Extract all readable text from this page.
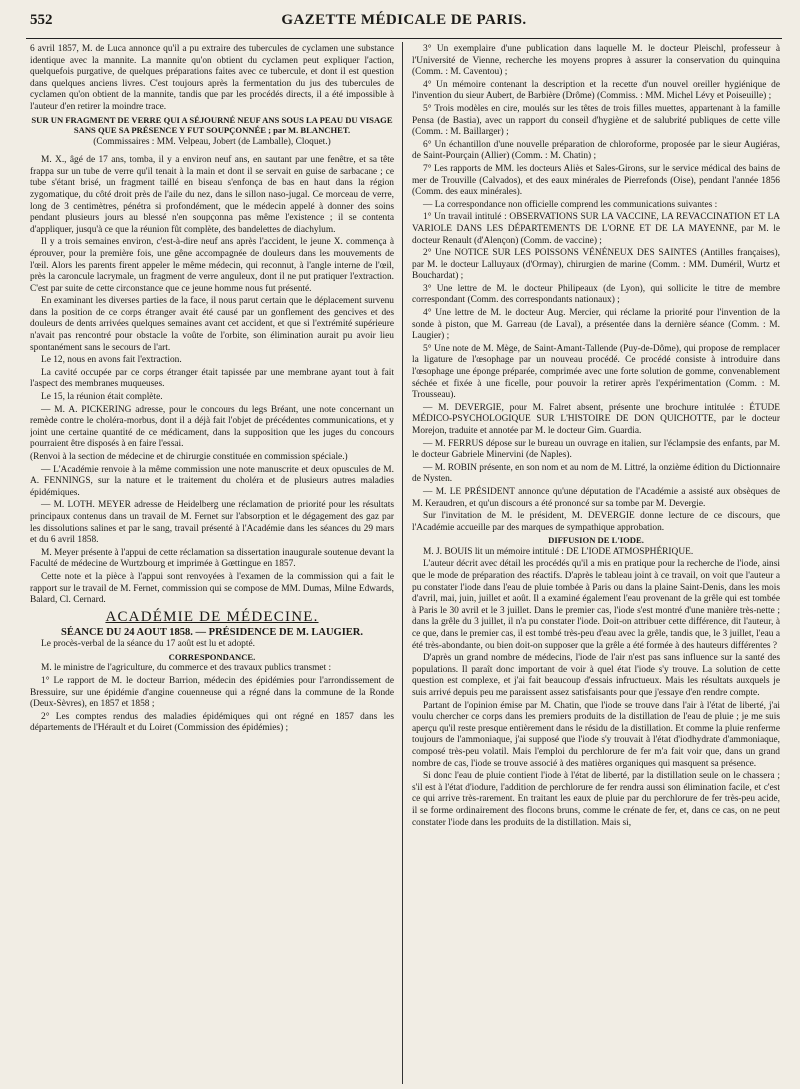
552	GAZETTE MÉDICALE DE PARIS.

6 avril 1857, M. de Luca annonce qu'il a pu extraire des tubercules de cyclamen une substance identique avec la mannite. La mannite qu'on obtient du cyclamen peut expliquer l'action, quelquefois purgative, de quelques préparations faites avec ce tubercule, et dont il est question dans quelques anciens livres. C'est toujours après la fermentation du jus des tubercules de cyclamen qu'on obtient de la mannite, tandis que par les procédés directs, il a été impossible à l'auteur d'en retirer la moindre trace.

SUR UN FRAGMENT DE VERRE QUI A SÉJOURNÉ NEUF ANS SOUS LA PEAU DU VISAGE SANS QUE SA PRÉSENCE Y FUT SOUPÇONNÉE ; par M. BLANCHET.

(Commissaires : MM. Velpeau, Jobert (de Lamballe), Cloquet.)

M. X., âgé de 17 ans, tomba, il y a environ neuf ans, en sautant par une fenêtre, et sa tête frappa sur un tube de verre qu'il tenait à la main et dont il se servait en guise de sarbacane ; ce tube s'étant brisé, un fragment taillé en biseau s'enfonça de bas en haut dans la région zygomatique, du côté droit près de l'aile du nez, dans le sillon naso-jugal. Ce morceau de verre, long de 3 centimètres, pénétra si profondément, que le médecin appelé à donner des soins pendant plusieurs jours au blessé n'en soupçonna pas même l'existence ; il se contenta d'appliquer, jusqu'à ce que la réunion fût complète, des bandelettes de diachylum.

Il y a trois semaines environ, c'est-à-dire neuf ans après l'accident, le jeune X. commença à éprouver, pour la première fois, une gêne accompagnée de douleurs dans les mouvements de l'œil. Alors les parents firent appeler le même médecin, qui reconnut, à l'angle interne de l'œil, près la caroncule lacrymale, un fragment de verre anguleux, dont il ne put pratiquer l'extraction. C'est par suite de cette circonstance que ce jeune homme nous fut présenté.

En examinant les diverses parties de la face, il nous parut certain que le déplacement survenu dans la position de ce corps étranger avait été causé par un gonflement des gencives et des douleurs de dents arrivées quelques semaines avant cet accident, et que si l'extrémité supérieure n'avait pas rencontré pour obstacle la voûte de l'orbite, son élimination aurait pu avoir lieu spontanément sans le secours de l'art.

Le 12, nous en avons fait l'extraction.

La cavité occupée par ce corps étranger était tapissée par une membrane ayant tout à fait l'aspect des membranes muqueuses.

Le 15, la réunion était complète.

— M. A. PICKERING adresse, pour le concours du legs Bréant, une note concernant un remède contre le choléra-morbus, dont il a déjà fait l'objet de précédentes communications, et y joint une certaine quantité de ce médicament, dans la supposition que les juges du concours pourraient être disposés à en faire l'essai.

(Renvoi à la section de médecine et de chirurgie constituée en commission spéciale.)

— L'Académie renvoie à la même commission une note manuscrite et deux opuscules de M. A. FENNINGS, sur la nature et le traitement du choléra et de plusieurs autres maladies épidémiques.

— M. LOTH. MEYER adresse de Heidelberg une réclamation de priorité pour les résultats principaux contenus dans un travail de M. Fernet sur l'absorption et le dégagement des gaz par les dissolutions salines et par le sang, travail présenté à l'Académie dans les séances du 29 mars et du 6 avril 1858.

M. Meyer présente à l'appui de cette réclamation sa dissertation inaugurale soutenue devant la Faculté de médecine de Wurtzbourg et imprimée à Gœttingue en 1857.

Cette note et la pièce à l'appui sont renvoyées à l'examen de la commission qui a fait le rapport sur le travail de M. Fernet, commission qui se compose de MM. Dumas, Milne Edwards, Balard, Cl. Cernard.

ACADÉMIE DE MÉDECINE.

SÉANCE DU 24 AOUT 1858. — PRÉSIDENCE DE M. LAUGIER.

Le procès-verbal de la séance du 17 août est lu et adopté.

CORRESPONDANCE.

M. le ministre de l'agriculture, du commerce et des travaux publics transmet :

1° Le rapport de M. le docteur Barrion, médecin des épidémies pour l'arrondissement de Bressuire, sur une épidémie d'angine couenneuse qui a régné dans la commune de la Ronde (Deux-Sèvres), en 1857 et 1858 ;

2° Les comptes rendus des maladies épidémiques qui ont régné en 1857 dans les départements de l'Hérault et du Loiret (Commission des épidémies) ;

3° Un exemplaire d'une publication dans laquelle M. le docteur Pleischl, professeur à l'Université de Vienne, recherche les moyens propres à assurer la conservation du quinquina (Comm. : M. Caventou) ;

4° Un mémoire contenant la description et la recette d'un nouvel oreiller hygiénique de l'invention du sieur Aubert, de Barbière (Drôme) (Commiss. : MM. Michel Lévy et Poiseuille) ;

5° Trois modèles en cire, moulés sur les têtes de trois filles muettes, appartenant à la famille Pensa (de Bastia), avec un rapport du conseil d'hygiène et de salubrité publiques de cette ville (Comm. : M. Baillarger) ;

6° Un échantillon d'une nouvelle préparation de chloroforme, proposée par le sieur Augiéras, de Saint-Pourçain (Allier) (Comm. : M. Chatin) ;

7° Les rapports de MM. les docteurs Aliès et Sales-Girons, sur le service médical des bains de mer de Trouville (Calvados), et des eaux minérales de Pierrefonds (Oise), pendant l'année 1856 (Comm. des eaux minérales).

— La correspondance non officielle comprend les communications suivantes :

1° Un travail intitulé : OBSERVATIONS SUR LA VACCINE, LA REVACCINATION ET LA VARIOLE DANS LES DÉPARTEMENTS DE L'ORNE ET DE LA MAYENNE, par M. le docteur Renault (d'Alençon) (Comm. de vaccine) ;

2° Une NOTICE SUR LES POISSONS VÉNÉNEUX DES SAINTES (Antilles françaises), par M. le docteur Lalluyaux (d'Ormay), chirurgien de marine (Comm. : MM. Duméril, Wurtz et Bouchardat) ;

3° Une lettre de M. le docteur Philipeaux (de Lyon), qui sollicite le titre de membre correspondant (Comm. des correspondants nationaux) ;

4° Une lettre de M. le docteur Aug. Mercier, qui réclame la priorité pour l'invention de la sonde à piston, que M. Garreau (de Laval), a présentée dans la dernière séance (Comm. : M. Laugier) ;

5° Une note de M. Mège, de Saint-Amant-Tallende (Puy-de-Dôme), qui propose de remplacer la ligature de l'œsophage par un nouveau procédé. Ce procédé consiste à introduire dans l'œsophage une éponge préparée, comprimée avec une forte solution de gomme, convenablement séchée et fixée à une ficelle, pour pouvoir la retirer après l'expérimentation (Comm. : M. Trousseau).

— M. DEVERGIE, pour M. Falret absent, présente une brochure intitulée : ÉTUDE MÉDICO-PSYCHOLOGIQUE SUR L'HISTOIRE DE DON QUICHOTTE, par le docteur Morejon, traduite et annotée par M. le docteur Gim. Guardia.

— M. FERRUS dépose sur le bureau un ouvrage en italien, sur l'éclampsie des enfants, par M. le docteur Gabriele Minervini (de Naples).

— M. ROBIN présente, en son nom et au nom de M. Littré, la onzième édition du Dictionnaire de Nysten.

— M. LE PRÉSIDENT annonce qu'une députation de l'Académie a assisté aux obsèques de M. Keraudren, et qu'un discours a été prononcé sur sa tombe par M. Devergie.

Sur l'invitation de M. le président, M. DEVERGIE donne lecture de ce discours, que l'Académie accueille par des marques de sympathique approbation.

DIFFUSION DE L'IODE.

M. J. BOUIS lit un mémoire intitulé : DE L'IODE ATMOSPHÉRIQUE.

L'auteur décrit avec détail les procédés qu'il a mis en pratique pour la recherche de l'iode, ainsi que le mode de préparation des réactifs. D'après le tableau joint à ce travail, on voit que l'auteur a pu constater l'iode dans l'eau de pluie tombée à Paris ou dans la plaine Saint-Denis, dans les mois d'avril, mai, juin, juillet et août. Il a examiné également l'eau provenant de la grêle qui est tombée à Paris le 30 avril et le 3 juillet. Dans le premier cas, l'iode s'est montré d'une manière très-nette ; dans la grêle du 3 juillet, il n'a pu constater l'iode. Doit-on attribuer cette différence, dit l'auteur, à ce que, dans le premier cas, il est tombé très-peu d'eau avec la grêle, tandis que, le 3 juillet, l'eau a été très-abondante, ou bien doit-on supposer que la grêle a été formée à des hauteurs différentes ?

D'après un grand nombre de médecins, l'iode de l'air n'est pas sans influence sur la santé des populations. Il paraît donc important de voir à quel état l'iode s'y trouve. La solution de cette question est complexe, et j'ai fait beaucoup d'essais infructueux. Mais les résultats auxquels je suis arrivé depuis peu me paraissent assez satisfaisants pour que j'essaye d'en rendre compte.

Partant de l'opinion émise par M. Chatin, que l'iode se trouve dans l'air à l'état de liberté, j'ai voulu chercher ce corps dans les premiers produits de la distillation de l'eau de pluie ; je me suis aperçu qu'il reste presque entièrement dans le résidu de la distillation. Et comme la pluie renferme toujours de l'ammoniaque, j'ai supposé que l'iode s'y trouvait à l'état d'iodhydrate d'ammoniaque, composé très-peu volatil. Mais l'emploi du perchlorure de fer m'a fait voir que, dans un grand nombre de cas, l'iode se trouve associé à des matières organiques qui masquent sa présence.

Si donc l'eau de pluie contient l'iode à l'état de liberté, par la distillation seule on le chassera ; s'il est à l'état d'iodure, l'addition de perchlorure de fer rendra aussi son élimination facile, et c'est ce qui arrive très-rarement. En traitant les eaux de pluie par du perchlorure de fer très-peu acide, il se forme ordinairement des flocons bruns, comme le crénate de fer, et, dans ce cas, on ne peut constater l'iode dans les produits de la distillation. Mais si,
